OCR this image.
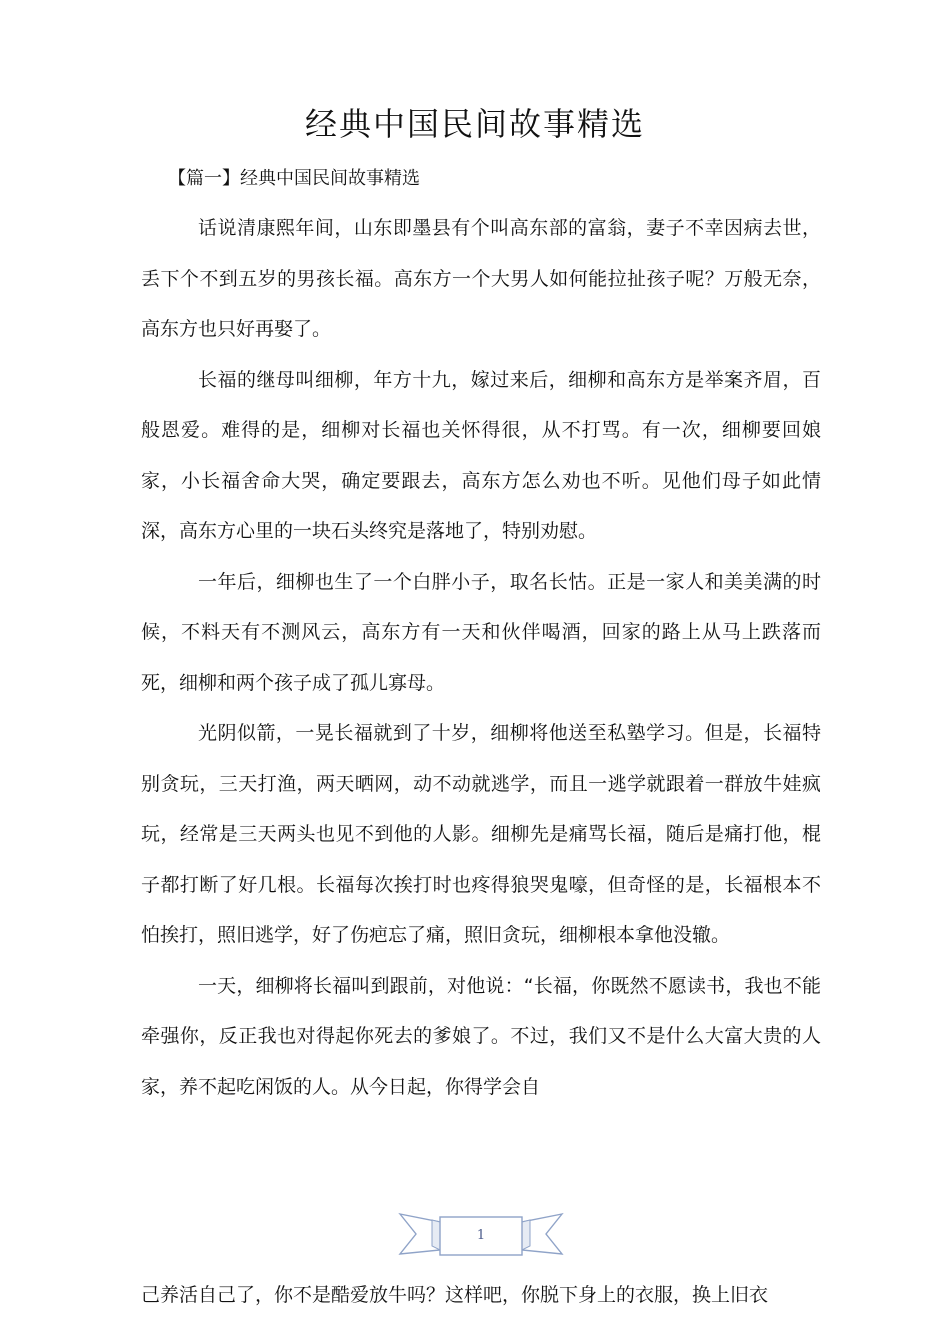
经典中国民间故事精选
【篇一】经典中国民间故事精选

话说清康熙年间，山东即墨县有个叫高东部的富翁，妻子不幸因病去世，丢下个不到五岁的男孩长福。高东方一个大男人如何能拉扯孩子呢？万般无奈，高东方也只好再娶了。

长福的继母叫细柳，年方十九，嫁过来后，细柳和高东方是举案齐眉，百般恩爱。难得的是，细柳对长福也关怀得很，从不打骂。有一次，细柳要回娘家，小长福舍命大哭，确定要跟去，高东方怎么劝也不听。见他们母子如此情深，高东方心里的一块石头终究是落地了，特别劝慰。

一年后，细柳也生了一个白胖小子，取名长怙。正是一家人和美美满的时候，不料天有不测风云，高东方有一天和伙伴喝酒，回家的路上从马上跌落而死，细柳和两个孩子成了孤儿寡母。

光阴似箭，一晃长福就到了十岁，细柳将他送至私塾学习。但是，长福特别贪玩，三天打渔，两天晒网，动不动就逃学，而且一逃学就跟着一群放牛娃疯玩，经常是三天两头也见不到他的人影。细柳先是痛骂长福，随后是痛打他，棍子都打断了好几根。长福每次挨打时也疼得狼哭鬼嚎，但奇怪的是，长福根本不怕挨打，照旧逃学，好了伤疤忘了痛，照旧贪玩，细柳根本拿他没辙。

一天，细柳将长福叫到跟前，对他说：“长福，你既然不愿读书，我也不能牵强你，反正我也对得起你死去的爹娘了。不过，我们又不是什么大富大贵的人家，养不起吃闲饭的人。从今日起，你得学会自

1

己养活自己了，你不是酷爱放牛吗？这样吧，你脱下身上的衣服，换上旧衣
